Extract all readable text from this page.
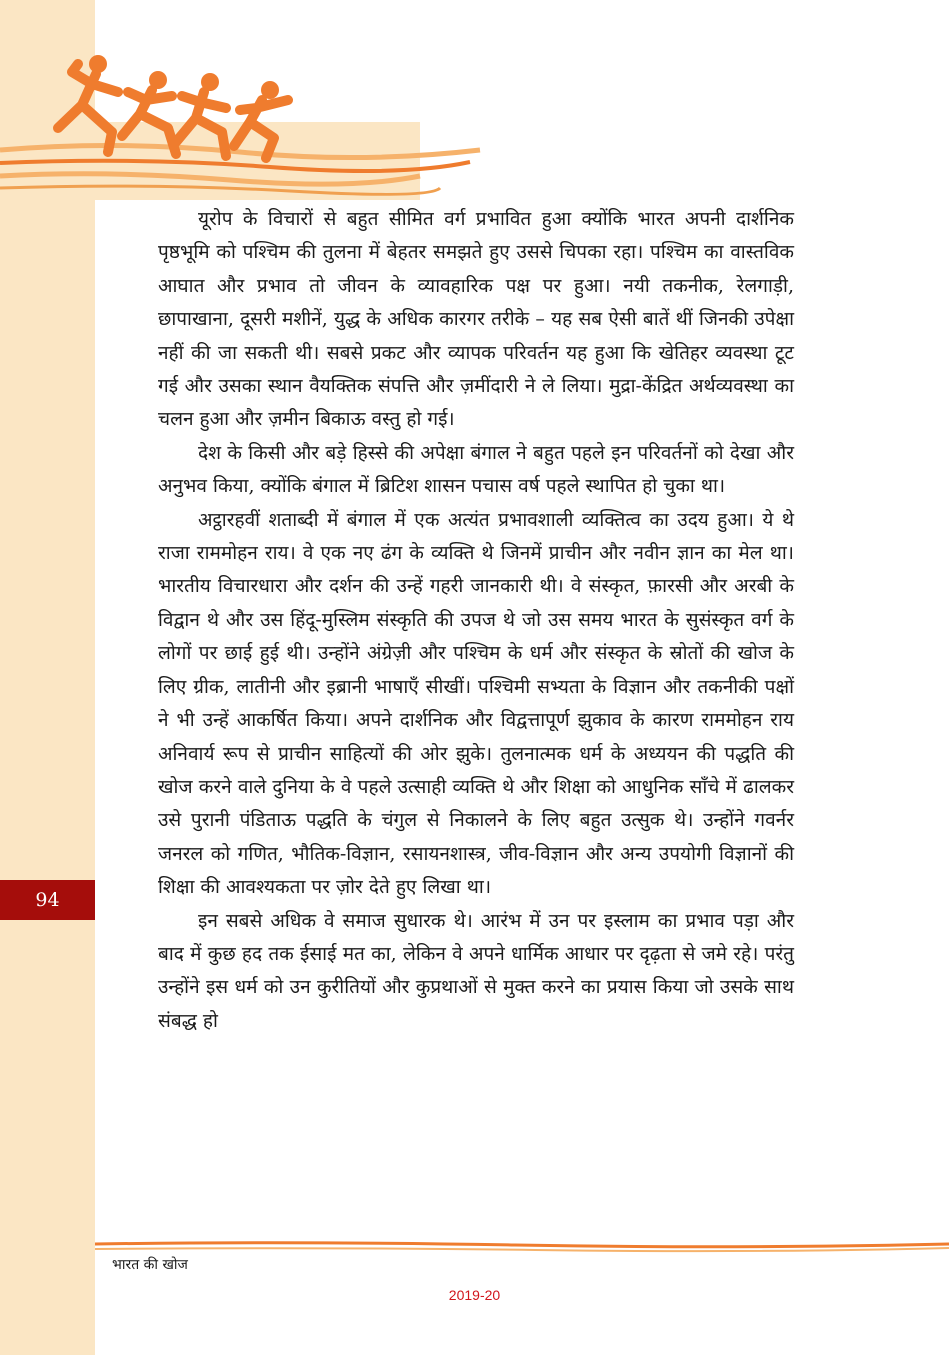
94

यूरोप के विचारों से बहुत सीमित वर्ग प्रभावित हुआ क्योंकि भारत अपनी दार्शनिक पृष्ठभूमि को पश्चिम की तुलना में बेहतर समझते हुए उससे चिपका रहा। पश्चिम का वास्तविक आघात और प्रभाव तो जीवन के व्यावहारिक पक्ष पर हुआ। नयी तकनीक, रेलगाड़ी, छापाखाना, दूसरी मशीनें, युद्ध के अधिक कारगर तरीके – यह सब ऐसी बातें थीं जिनकी उपेक्षा नहीं की जा सकती थी। सबसे प्रकट और व्यापक परिवर्तन यह हुआ कि खेतिहर व्यवस्था टूट गई और उसका स्थान वैयक्तिक संपत्ति और ज़मींदारी ने ले लिया। मुद्रा-केंद्रित अर्थव्यवस्था का चलन हुआ और ज़मीन बिकाऊ वस्तु हो गई।

देश के किसी और बड़े हिस्से की अपेक्षा बंगाल ने बहुत पहले इन परिवर्तनों को देखा और अनुभव किया, क्योंकि बंगाल में ब्रिटिश शासन पचास वर्ष पहले स्थापित हो चुका था।

अट्ठारहवीं शताब्दी में बंगाल में एक अत्यंत प्रभावशाली व्यक्तित्व का उदय हुआ। ये थे राजा राममोहन राय। वे एक नए ढंग के व्यक्ति थे जिनमें प्राचीन और नवीन ज्ञान का मेल था। भारतीय विचारधारा और दर्शन की उन्हें गहरी जानकारी थी। वे संस्कृत, फ़ारसी और अरबी के विद्वान थे और उस हिंदू-मुस्लिम संस्कृति की उपज थे जो उस समय भारत के सुसंस्कृत वर्ग के लोगों पर छाई हुई थी। उन्होंने अंग्रेज़ी और पश्चिम के धर्म और संस्कृत के स्रोतों की खोज के लिए ग्रीक, लातीनी और इब्रानी भाषाएँ सीखीं। पश्चिमी सभ्यता के विज्ञान और तकनीकी पक्षों ने भी उन्हें आकर्षित किया। अपने दार्शनिक और विद्वत्तापूर्ण झुकाव के कारण राममोहन राय अनिवार्य रूप से प्राचीन साहित्यों की ओर झुके। तुलनात्मक धर्म के अध्ययन की पद्धति की खोज करने वाले दुनिया के वे पहले उत्साही व्यक्ति थे और शिक्षा को आधुनिक साँचे में ढालकर उसे पुरानी पंडिताऊ पद्धति के चंगुल से निकालने के लिए बहुत उत्सुक थे। उन्होंने गवर्नर जनरल को गणित, भौतिक-विज्ञान, रसायनशास्त्र, जीव-विज्ञान और अन्य उपयोगी विज्ञानों की शिक्षा की आवश्यकता पर ज़ोर देते हुए लिखा था।

इन सबसे अधिक वे समाज सुधारक थे। आरंभ में उन पर इस्लाम का प्रभाव पड़ा और बाद में कुछ हद तक ईसाई मत का, लेकिन वे अपने धार्मिक आधार पर दृढ़ता से जमे रहे। परंतु उन्होंने इस धर्म को उन कुरीतियों और कुप्रथाओं से मुक्त करने का प्रयास किया जो उसके साथ संबद्ध हो

भारत की खोज
2019-20
